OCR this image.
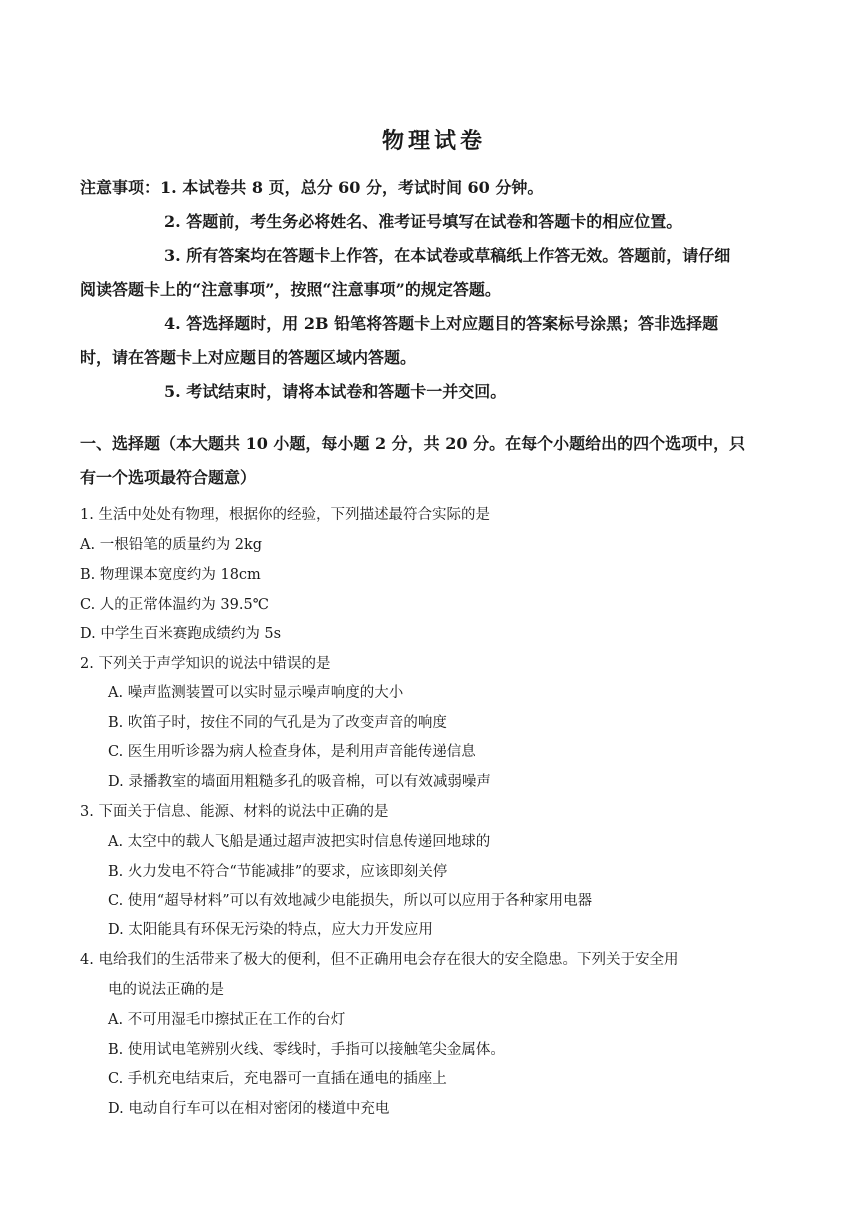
物理试卷
注意事项：1. 本试卷共 8 页，总分 60 分，考试时间 60 分钟。
2. 答题前，考生务必将姓名、准考证号填写在试卷和答题卡的相应位置。
3. 所有答案均在答题卡上作答，在本试卷或草稿纸上作答无效。答题前，请仔细
阅读答题卡上的“注意事项”，按照“注意事项”的规定答题。
4. 答选择题时，用 2B 铅笔将答题卡上对应题目的答案标号涂黑；答非选择题
时，请在答题卡上对应题目的答题区域内答题。
5. 考试结束时，请将本试卷和答题卡一并交回。
一、选择题（本大题共 10 小题，每小题 2 分，共 20 分。在每个小题给出的四个选项中，只
有一个选项最符合题意）
1. 生活中处处有物理，根据你的经验，下列描述最符合实际的是
A. 一根铅笔的质量约为 2kg
B. 物理课本宽度约为 18cm
C. 人的正常体温约为 39.5℃
D. 中学生百米赛跑成绩约为 5s
2. 下列关于声学知识的说法中错误的是
A. 噪声监测装置可以实时显示噪声响度的大小
B. 吹笛子时，按住不同的气孔是为了改变声音的响度
C. 医生用听诊器为病人检查身体，是利用声音能传递信息
D. 录播教室的墙面用粗糙多孔的吸音棉，可以有效减弱噪声
3. 下面关于信息、能源、材料的说法中正确的是
A. 太空中的载人飞船是通过超声波把实时信息传递回地球的
B. 火力发电不符合“节能减排”的要求，应该即刻关停
C. 使用“超导材料”可以有效地减少电能损失，所以可以应用于各种家用电器
D. 太阳能具有环保无污染的特点，应大力开发应用
4. 电给我们的生活带来了极大的便利，但不正确用电会存在很大的安全隐患。下列关于安全用
电的说法正确的是
A. 不可用湿毛巾擦拭正在工作的台灯
B. 使用试电笔辨别火线、零线时，手指可以接触笔尖金属体。
C. 手机充电结束后，充电器可一直插在通电的插座上
D. 电动自行车可以在相对密闭的楼道中充电
